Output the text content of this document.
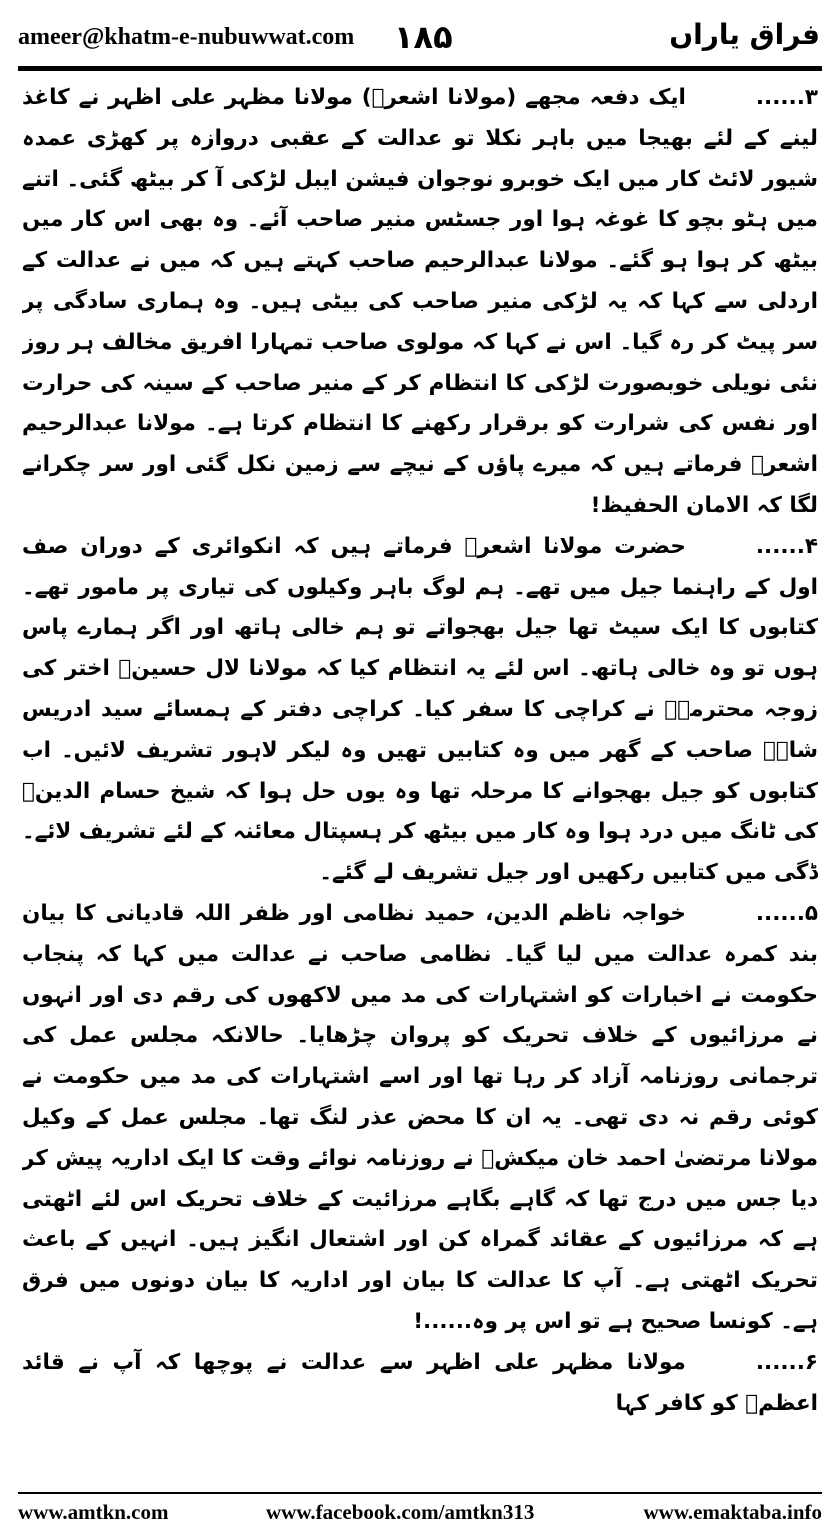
ameer@khatm-e-nubuwwat.com ۱۸۵	فراق یاراں

۳......ایک دفعہ مجھے (مولانا اشعرؒ) مولانا مظہر علی اظہر نے کاغذ لینے کے لئے بھیجا میں باہر نکلا تو عدالت کے عقبی دروازہ پر کھڑی عمدہ شیور لائٹ کار میں ایک خوبرو نوجوان فیشن ایبل لڑکی آ کر بیٹھ گئی۔ اتنے میں ہٹو بچو کا غوغہ ہوا اور جسٹس منیر صاحب آئے۔ وہ بھی اس کار میں بیٹھ کر ہوا ہو گئے۔ مولانا عبدالرحیم صاحب کہتے ہیں کہ میں نے عدالت کے اردلی سے کہا کہ یہ لڑکی منیر صاحب کی بیٹی ہیں۔ وہ ہماری سادگی پر سر پیٹ کر رہ گیا۔ اس نے کہا کہ مولوی صاحب تمہارا افریق مخالف ہر روز نئی نویلی خوبصورت لڑکی کا انتظام کر کے منیر صاحب کے سینہ کی حرارت اور نفس کی شرارت کو برقرار رکھنے کا انتظام کرتا ہے۔ مولانا عبدالرحیم اشعرؒ فرماتے ہیں کہ میرے پاؤں کے نیچے سے زمین نکل گئی اور سر چکرانے لگا کہ الامان الحفیظ!

۴......حضرت مولانا اشعرؒ فرماتے ہیں کہ انکوائری کے دوران صف اول کے راہنما جیل میں تھے۔ ہم لوگ باہر وکیلوں کی تیاری پر مامور تھے۔ کتابوں کا ایک سیٹ تھا جیل بھجواتے تو ہم خالی ہاتھ اور اگر ہمارے پاس ہوں تو وہ خالی ہاتھ۔ اس لئے یہ انتظام کیا کہ مولانا لال حسینؒ اختر کی زوجہ محترمہؒ نے کراچی کا سفر کیا۔ کراچی دفتر کے ہمسائے سید ادریس شاہؒ صاحب کے گھر میں وہ کتابیں تھیں وہ لیکر لاہور تشریف لائیں۔ اب کتابوں کو جیل بھجوانے کا مرحلہ تھا وہ یوں حل ہوا کہ شیخ حسام الدینؒ کی ٹانگ میں درد ہوا وہ کار میں بیٹھ کر ہسپتال معائنہ کے لئے تشریف لائے۔ ڈگی میں کتابیں رکھیں اور جیل تشریف لے گئے۔

۵......خواجہ ناظم الدین، حمید نظامی اور ظفر اللہ قادیانی کا بیان بند کمرہ عدالت میں لیا گیا۔ نظامی صاحب نے عدالت میں کہا کہ پنجاب حکومت نے اخبارات کو اشتہارات کی مد میں لاکھوں کی رقم دی اور انہوں نے مرزائیوں کے خلاف تحریک کو پروان چڑھایا۔ حالانکہ مجلس عمل کی ترجمانی روزنامہ آزاد کر رہا تھا اور اسے اشتہارات کی مد میں حکومت نے کوئی رقم نہ دی تھی۔ یہ ان کا محض عذر لنگ تھا۔ مجلس عمل کے وکیل مولانا مرتضیٰ احمد خان میکشؒ نے روزنامہ نوائے وقت کا ایک اداریہ پیش کر دیا جس میں درج تھا کہ گاہے بگاہے مرزائیت کے خلاف تحریک اس لئے اٹھتی ہے کہ مرزائیوں کے عقائد گمراہ کن اور اشتعال انگیز ہیں۔ انہیں کے باعث تحریک اٹھتی ہے۔ آپ کا عدالت کا بیان اور اداریہ کا بیان دونوں میں فرق ہے۔ کونسا صحیح ہے تو اس پر وہ......!

۶......مولانا مظہر علی اظہر سے عدالت نے پوچھا کہ آپ نے قائد اعظمؒ کو کافر کہا

www.amtkn.com	www.facebook.com/amtkn313	www.emaktaba.info
